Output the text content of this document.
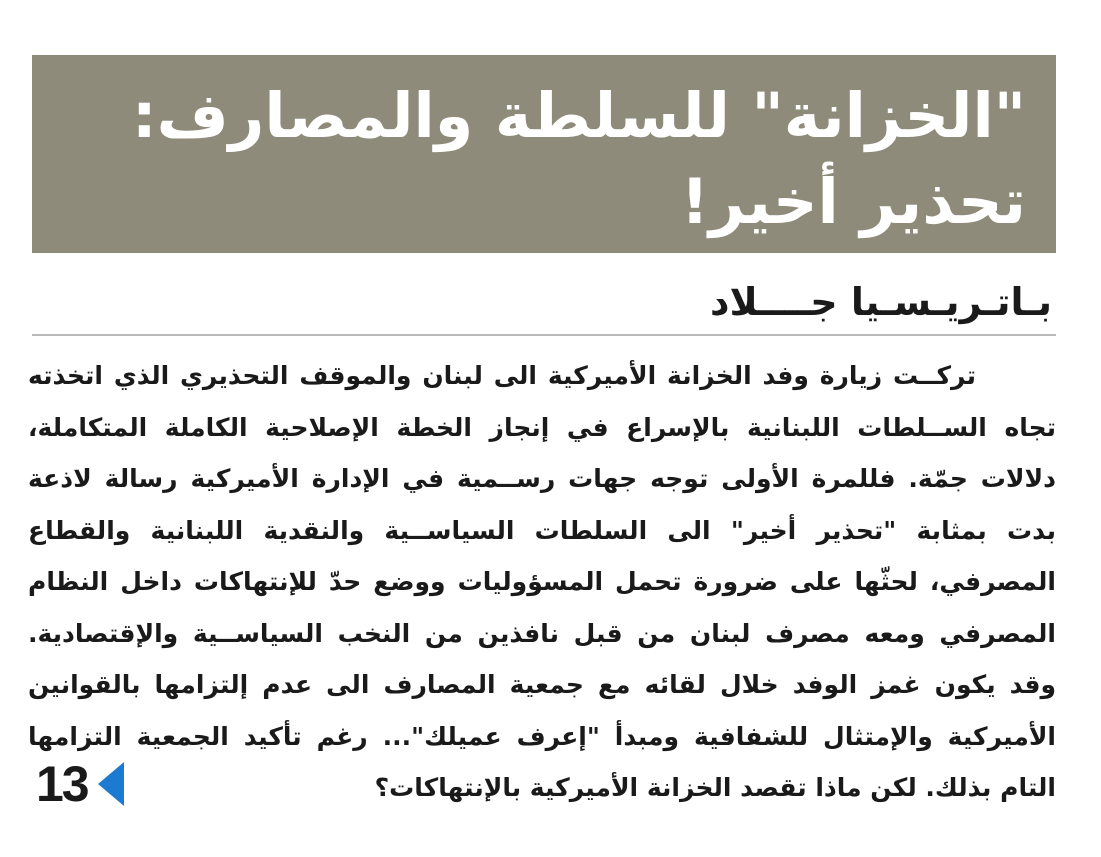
"الخزانة" للسلطة والمصارف:
تحذير أخير!
بـاتـريـسـيا جــــلاد
تركــت زيارة وفد الخزانة الأميركية الى لبنان والموقف التحذيري الذي اتخذته
تجاه الســلطات اللبنانية بالإسراع في إنجاز الخطة الإصلاحية الكاملة المتكاملة،
دلالات جمّة. فللمرة الأولى توجه جهات رســمية في الإدارة الأميركية رسالة لاذعة
بدت بمثابة "تحذير أخير" الى السلطات السياســية والنقدية اللبنانية والقطاع
المصرفي، لحثّها على ضرورة تحمل المسؤوليات ووضع حدّ للإنتهاكات داخل النظام
المصرفي ومعه مصرف لبنان من قبل نافذين من النخب السياســية والإقتصادية.
وقد يكون غمز الوفد خلال لقائه مع جمعية المصارف الى عدم إلتزامها بالقوانين
الأميركية والإمتثال للشفافية ومبدأ "إعرف عميلك"... رغم تأكيد الجمعية التزامها
التام بذلك. لكن ماذا تقصد الخزانة الأميركية بالإنتهاكات؟
13
